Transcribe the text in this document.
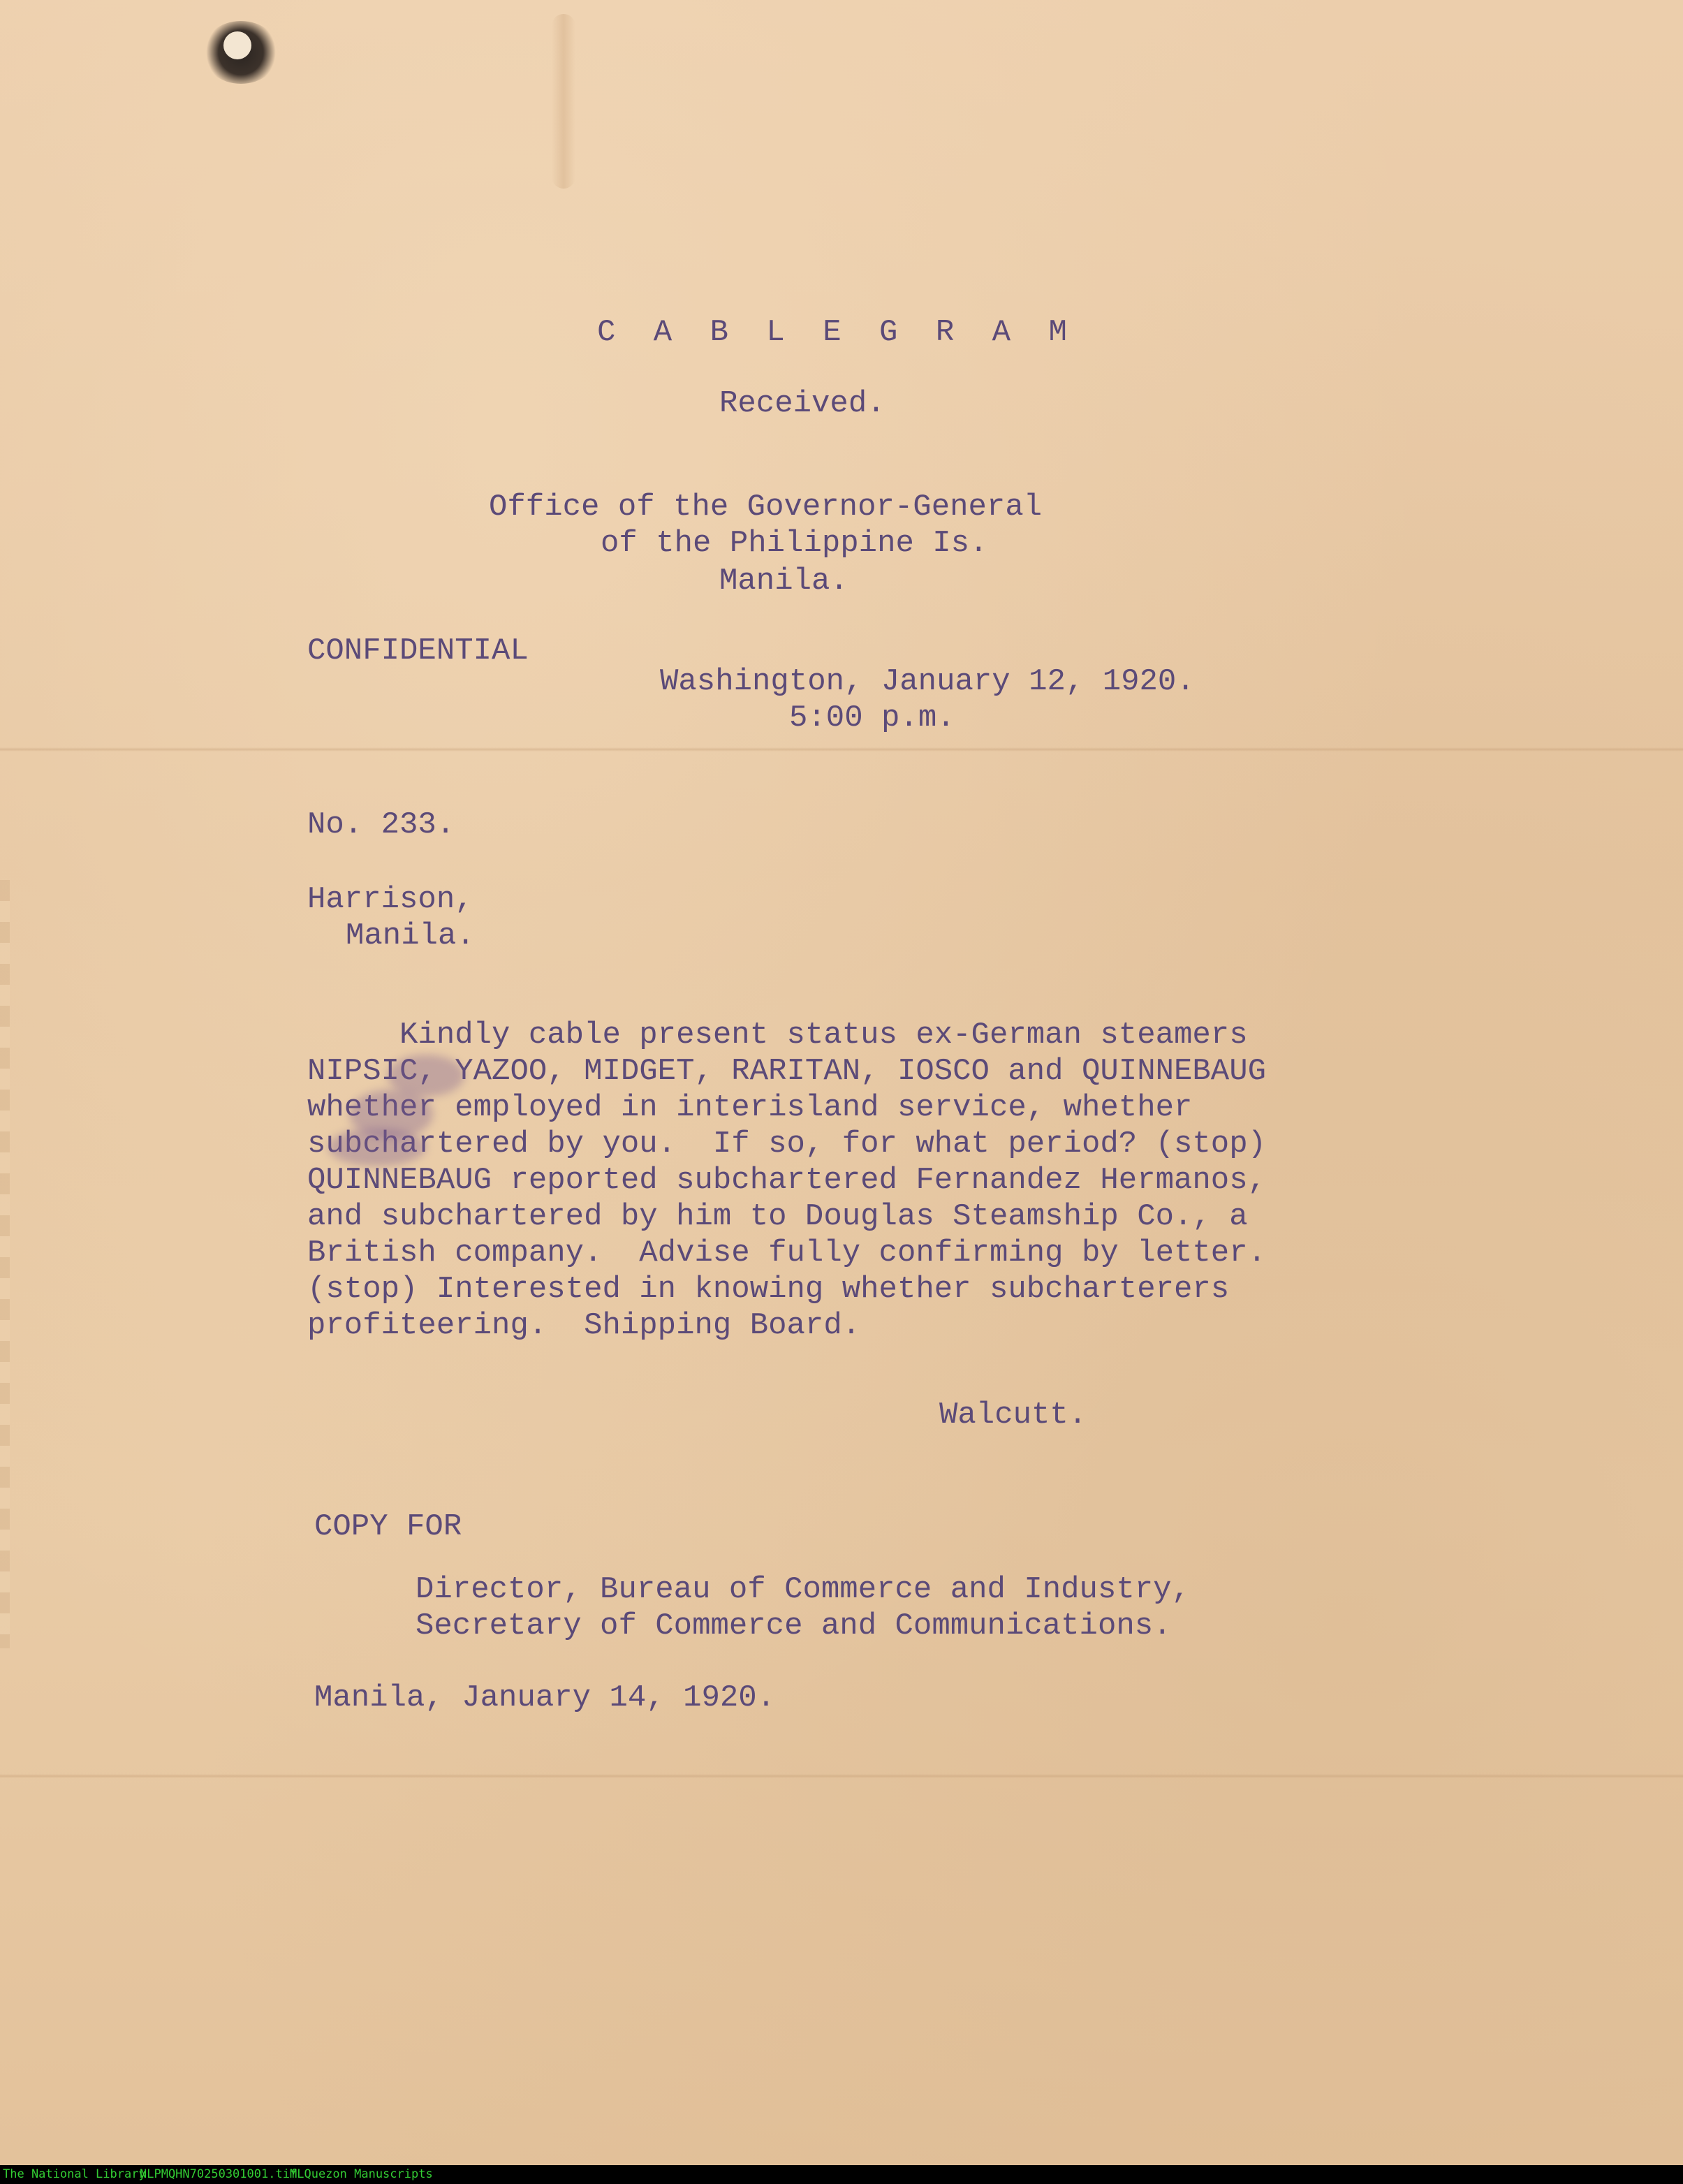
C A B L E G R A M

Received.

Office of the Governor-General

of the Philippine Is.

Manila.

CONFIDENTIAL

Washington, January 12, 1920.

5:00 p.m.

No. 233.

Harrison,

Manila.

Kindly cable present status ex-German steamers
NIPSIC, YAZOO, MIDGET, RARITAN, IOSCO and QUINNEBAUG
whether employed in interisland service, whether
subchartered by you.  If so, for what period? (stop)
QUINNEBAUG reported subchartered Fernandez Hermanos,
and subchartered by him to Douglas Steamship Co., a
British company.  Advise fully confirming by letter.
(stop) Interested in knowing whether subcharterers
profiteering.  Shipping Board.

Walcutt.

COPY FOR

Director, Bureau of Commerce and Industry,

Secretary of Commerce and Communications.

Manila, January 14, 1920.

The National Library
NLPMQHN70250301001.tif
MLQuezon Manuscripts
